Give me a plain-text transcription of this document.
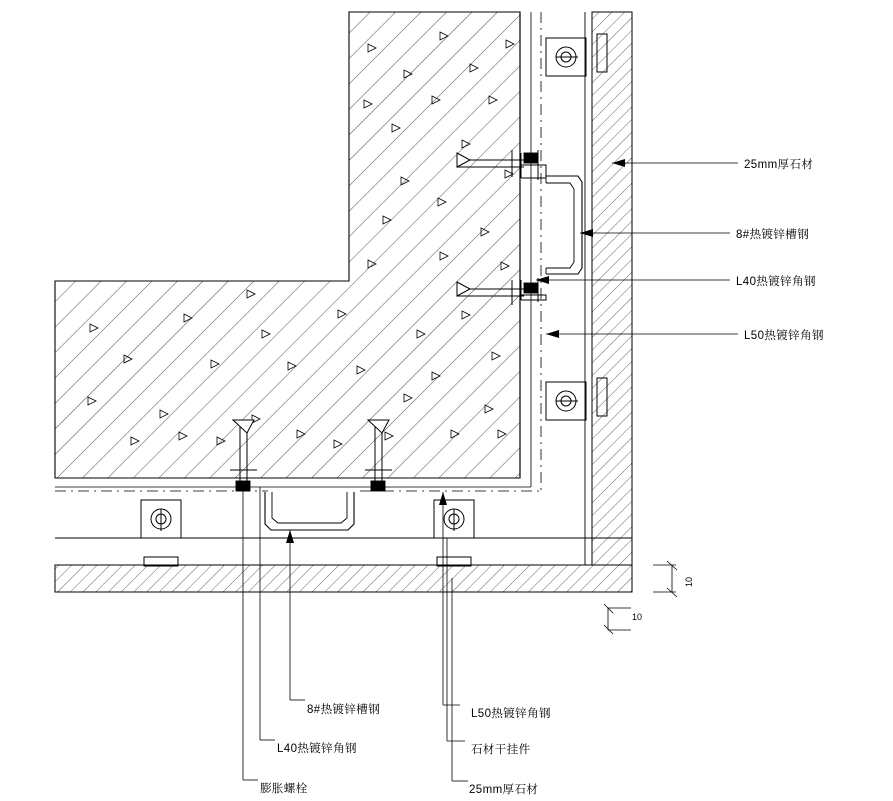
25mm厚石材
8#热镀锌槽钢
L40热镀锌角钢
L50热镀锌角钢
8#热镀锌槽钢
L40热镀锌角钢
膨胀螺栓
L50热镀锌角钢
石材干挂件
25mm厚石材
10
10
